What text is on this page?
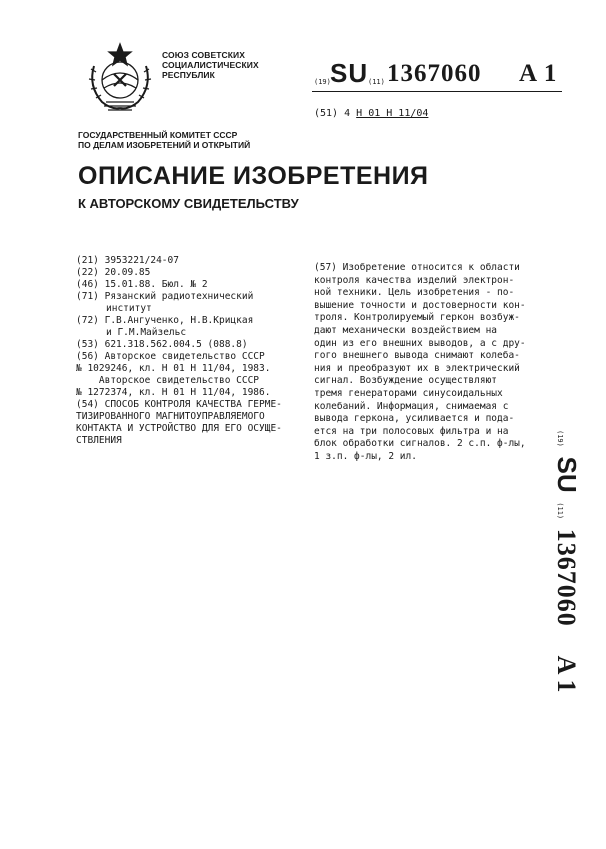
СОЮЗ СОВЕТСКИХ
СОЦИАЛИСТИЧЕСКИХ
РЕСПУБЛИК
(19) SU (11) 1367060 A 1
(51) 4 H 01 H 11/04
ГОСУДАРСТВЕННЫЙ КОМИТЕТ СССР
ПО ДЕЛАМ ИЗОБРЕТЕНИЙ И ОТКРЫТИЙ
ОПИСАНИЕ ИЗОБРЕТЕНИЯ
К АВТОРСКОМУ СВИДЕТЕЛЬСТВУ
(21) 3953221/24-07
(22) 20.09.85
(46) 15.01.88. Бюл. № 2
(71) Рязанский радиотехнический
институт
(72) Г.В.Ангученко, Н.В.Крицкая
и Г.М.Майзельс
(53) 621.318.562.004.5 (088.8)
(56) Авторское свидетельство СССР
№ 1029246, кл. Н 01 Н 11/04, 1983.
Авторское свидетельство СССР
№ 1272374, кл. Н 01 Н 11/04, 1986.
(54) СПОСОБ КОНТРОЛЯ КАЧЕСТВА ГЕРМЕ-
ТИЗИРОВАННОГО МАГНИТОУПРАВЛЯЕМОГО
КОНТАКТА И УСТРОЙСТВО ДЛЯ ЕГО ОСУЩЕ-
СТВЛЕНИЯ
(57) Изобретение относится к области
контроля качества изделий электрон-
ной техники. Цель изобретения - по-
вышение точности и достоверности кон-
троля. Контролируемый геркон возбуж-
дают механически воздействием на
один из его внешних выводов, а с дру-
гого внешнего вывода снимают колеба-
ния и преобразуют их в электрический
сигнал. Возбуждение осуществляют
тремя генераторами синусоидальных
колебаний. Информация, снимаемая с
вывода геркона, усиливается и пода-
ется на три полосовых фильтра и на
блок обработки сигналов. 2 с.п. ф-лы,
1 з.п. ф-лы, 2 ил.
(19) SU (11) 1367060   A 1
